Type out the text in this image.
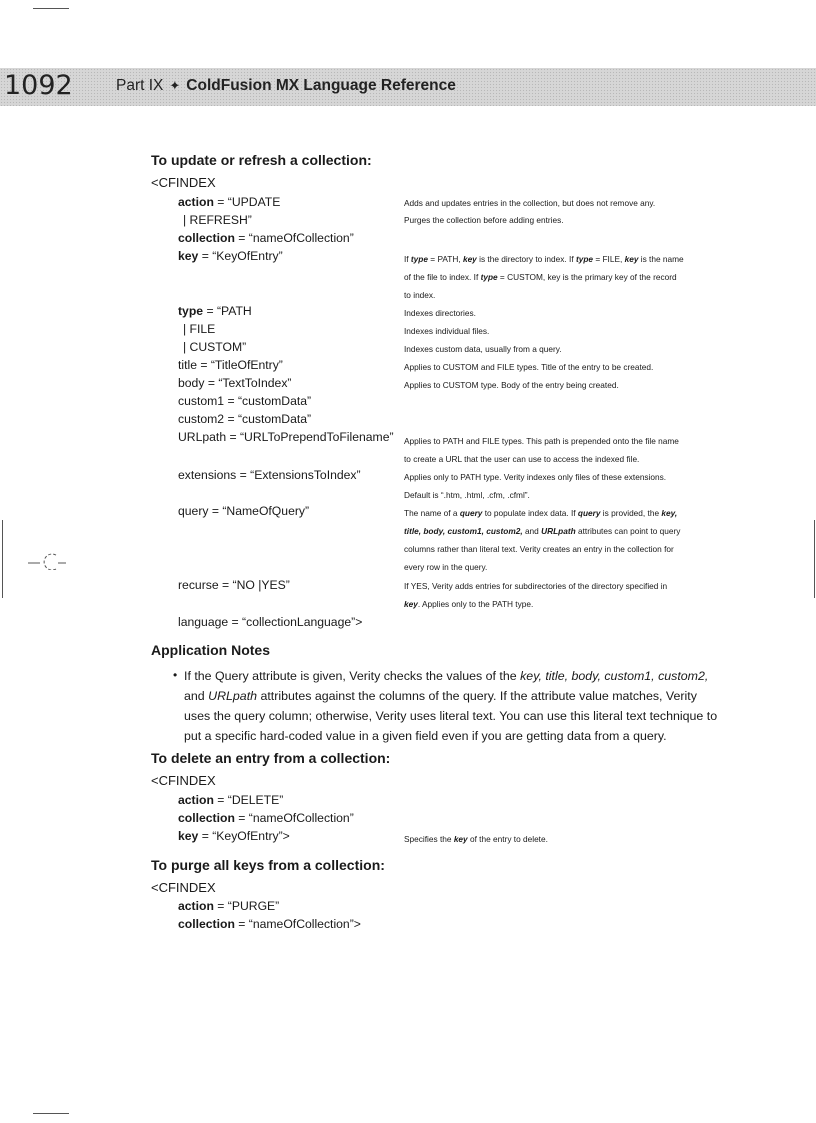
1092	Part IX ✦ ColdFusion MX Language Reference
To update or refresh a collection:
<CFINDEX
action = “UPDATE	Adds and updates entries in the collection, but does not remove any.
| REFRESH”	Purges the collection before adding entries.
collection = “nameOfCollection”
key = “KeyOfEntry”	If type = PATH, key is the directory to index. If type = FILE, key is the name
of the file to index. If type = CUSTOM, key is the primary key of the record
to index.
type = “PATH	Indexes directories.
| FILE	Indexes individual files.
| CUSTOM”	Indexes custom data, usually from a query.
title = “TitleOfEntry”	Applies to CUSTOM and FILE types. Title of the entry to be created.
body = “TextToIndex”	Applies to CUSTOM type. Body of the entry being created.
custom1 = “customData”
custom2 = “customData”
URLpath = “URLToPrependToFilename” Applies to PATH and FILE types. This path is prepended onto the file name
to create a URL that the user can use to access the indexed file.
extensions = “ExtensionsToIndex”	Applies only to PATH type. Verity indexes only files of these extensions.
Default is “.htm, .html, .cfm, .cfml”.
query = “NameOfQuery”	The name of a query to populate index data. If query is provided, the key,
title, body, custom1, custom2, and URLpath attributes can point to query
columns rather than literal text. Verity creates an entry in the collection for
every row in the query.
recurse = “NO |YES”	If YES, Verity adds entries for subdirectories of the directory specified in
key. Applies only to the PATH type.
language = “collectionLanguage”>
Application Notes
• If the Query attribute is given, Verity checks the values of the key, title, body, custom1, custom2, and URLpath attributes against the columns of the query. If the attribute value matches, Verity uses the query column; otherwise, Verity uses literal text. You can use this literal text technique to put a specific hard-coded value in a given field even if you are getting data from a query.
To delete an entry from a collection:
<CFINDEX
action = “DELETE”
collection = “nameOfCollection”
key = “KeyOfEntry”>	Specifies the key of the entry to delete.
To purge all keys from a collection:
<CFINDEX
action = “PURGE”
collection = “nameOfCollection”>
